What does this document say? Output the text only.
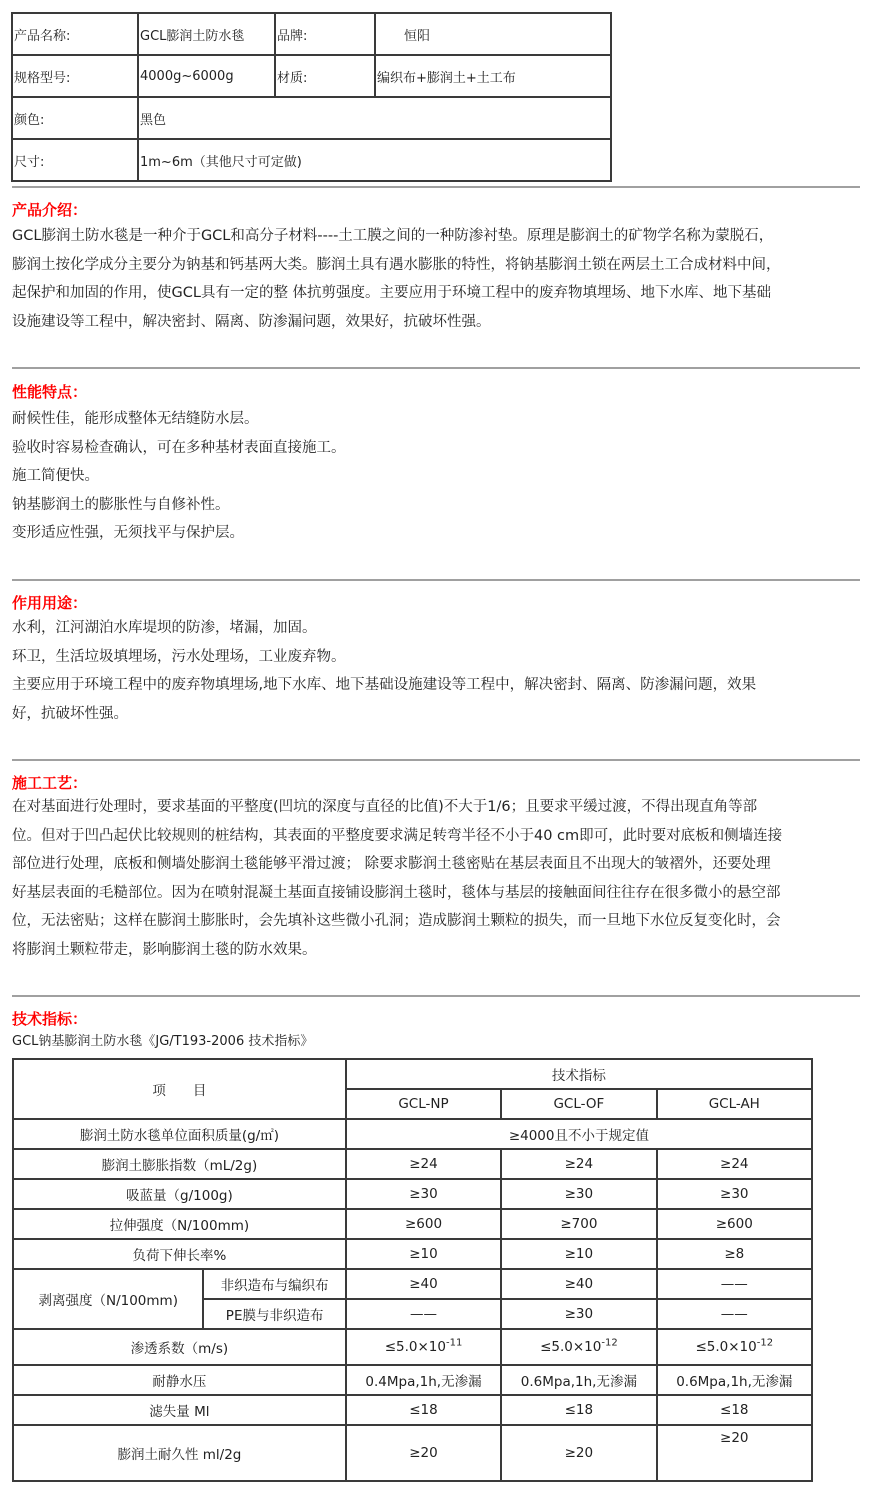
产品名称:	GCL膨润土防水毯	品牌:	恒阳
规格型号:	4000g~6000g	材质:	编织布+膨润土+土工布
颜色:	黑色		
尺寸:	1m~6m（其他尺寸可定做)		
产品介绍：
GCL膨润土防水毯是一种介于GCL和高分子材料----土工膜之间的一种防渗衬垫。原理是膨润土的矿物学名称为蒙脱石，
膨润土按化学成分主要分为钠基和钙基两大类。膨润土具有遇水膨胀的特性，将钠基膨润土锁在两层土工合成材料中间，
起保护和加固的作用，使GCL具有一定的整 体抗剪强度。主要应用于环境工程中的废弃物填埋场、地下水库、地下基础
设施建设等工程中，解决密封、隔离、防渗漏问题，效果好，抗破坏性强。
性能特点：
耐候性佳，能形成整体无结缝防水层。
验收时容易检查确认，可在多种基材表面直接施工。
施工简便快。
钠基膨润土的膨胀性与自修补性。
变形适应性强，无须找平与保护层。
作用用途：
水利，江河湖泊水库堤坝的防渗，堵漏，加固。
环卫，生活垃圾填埋场，污水处理场，工业废弃物。
主要应用于环境工程中的废弃物填埋场,地下水库、地下基础设施建设等工程中，解决密封、隔离、防渗漏问题，效果
好，抗破坏性强。
施工工艺：
在对基面进行处理时，要求基面的平整度(凹坑的深度与直径的比值)不大于1/6；且要求平缓过渡，不得出现直角等部
位。但对于凹凸起伏比较规则的桩结构，其表面的平整度要求满足转弯半径不小于40 cm即可，此时要对底板和侧墙连接
部位进行处理，底板和侧墙处膨润土毯能够平滑过渡； 除要求膨润土毯密贴在基层表面且不出现大的皱褶外，还要处理
好基层表面的毛糙部位。因为在喷射混凝土基面直接铺设膨润土毯时，毯体与基层的接触面间往往存在很多微小的悬空部
位，无法密贴；这样在膨润土膨胀时，会先填补这些微小孔洞；造成膨润土颗粒的损失，而一旦地下水位反复变化时，会
将膨润土颗粒带走，影响膨润土毯的防水效果。
技术指标：
GCL钠基膨润土防水毯《JG/T193-2006 技术指标》
项　　目		技术指标		
		GCL-NP	GCL-OF	GCL-AH
膨润土防水毯单位面积质量(g/㎡)		≥4000且不小于规定值		
膨润土膨胀指数（mL/2g)		≥24	≥24	≥24
吸蓝量（g/100g)		≥30	≥30	≥30
拉伸强度（N/100mm)		≥600	≥700	≥600
负荷下伸长率%		≥10	≥10	≥8
剥离强度（N/100mm)	非织造布与编织布	≥40	≥40	——
	PE膜与非织造布	——	≥30	——
渗透系数（m/s)		$\le 5.0\times 10^{-11}$	$\le 5.0\times 10^{-12}$	$\le 5.0\times 10^{-12}$
耐静水压		0.4Mpa,1h,无渗漏	0.6Mpa,1h,无渗漏	0.6Mpa,1h,无渗漏
滤失量 Ml		≤18	≤18	≤18
膨润土耐久性 ml/2g		≥20	≥20	≥20
